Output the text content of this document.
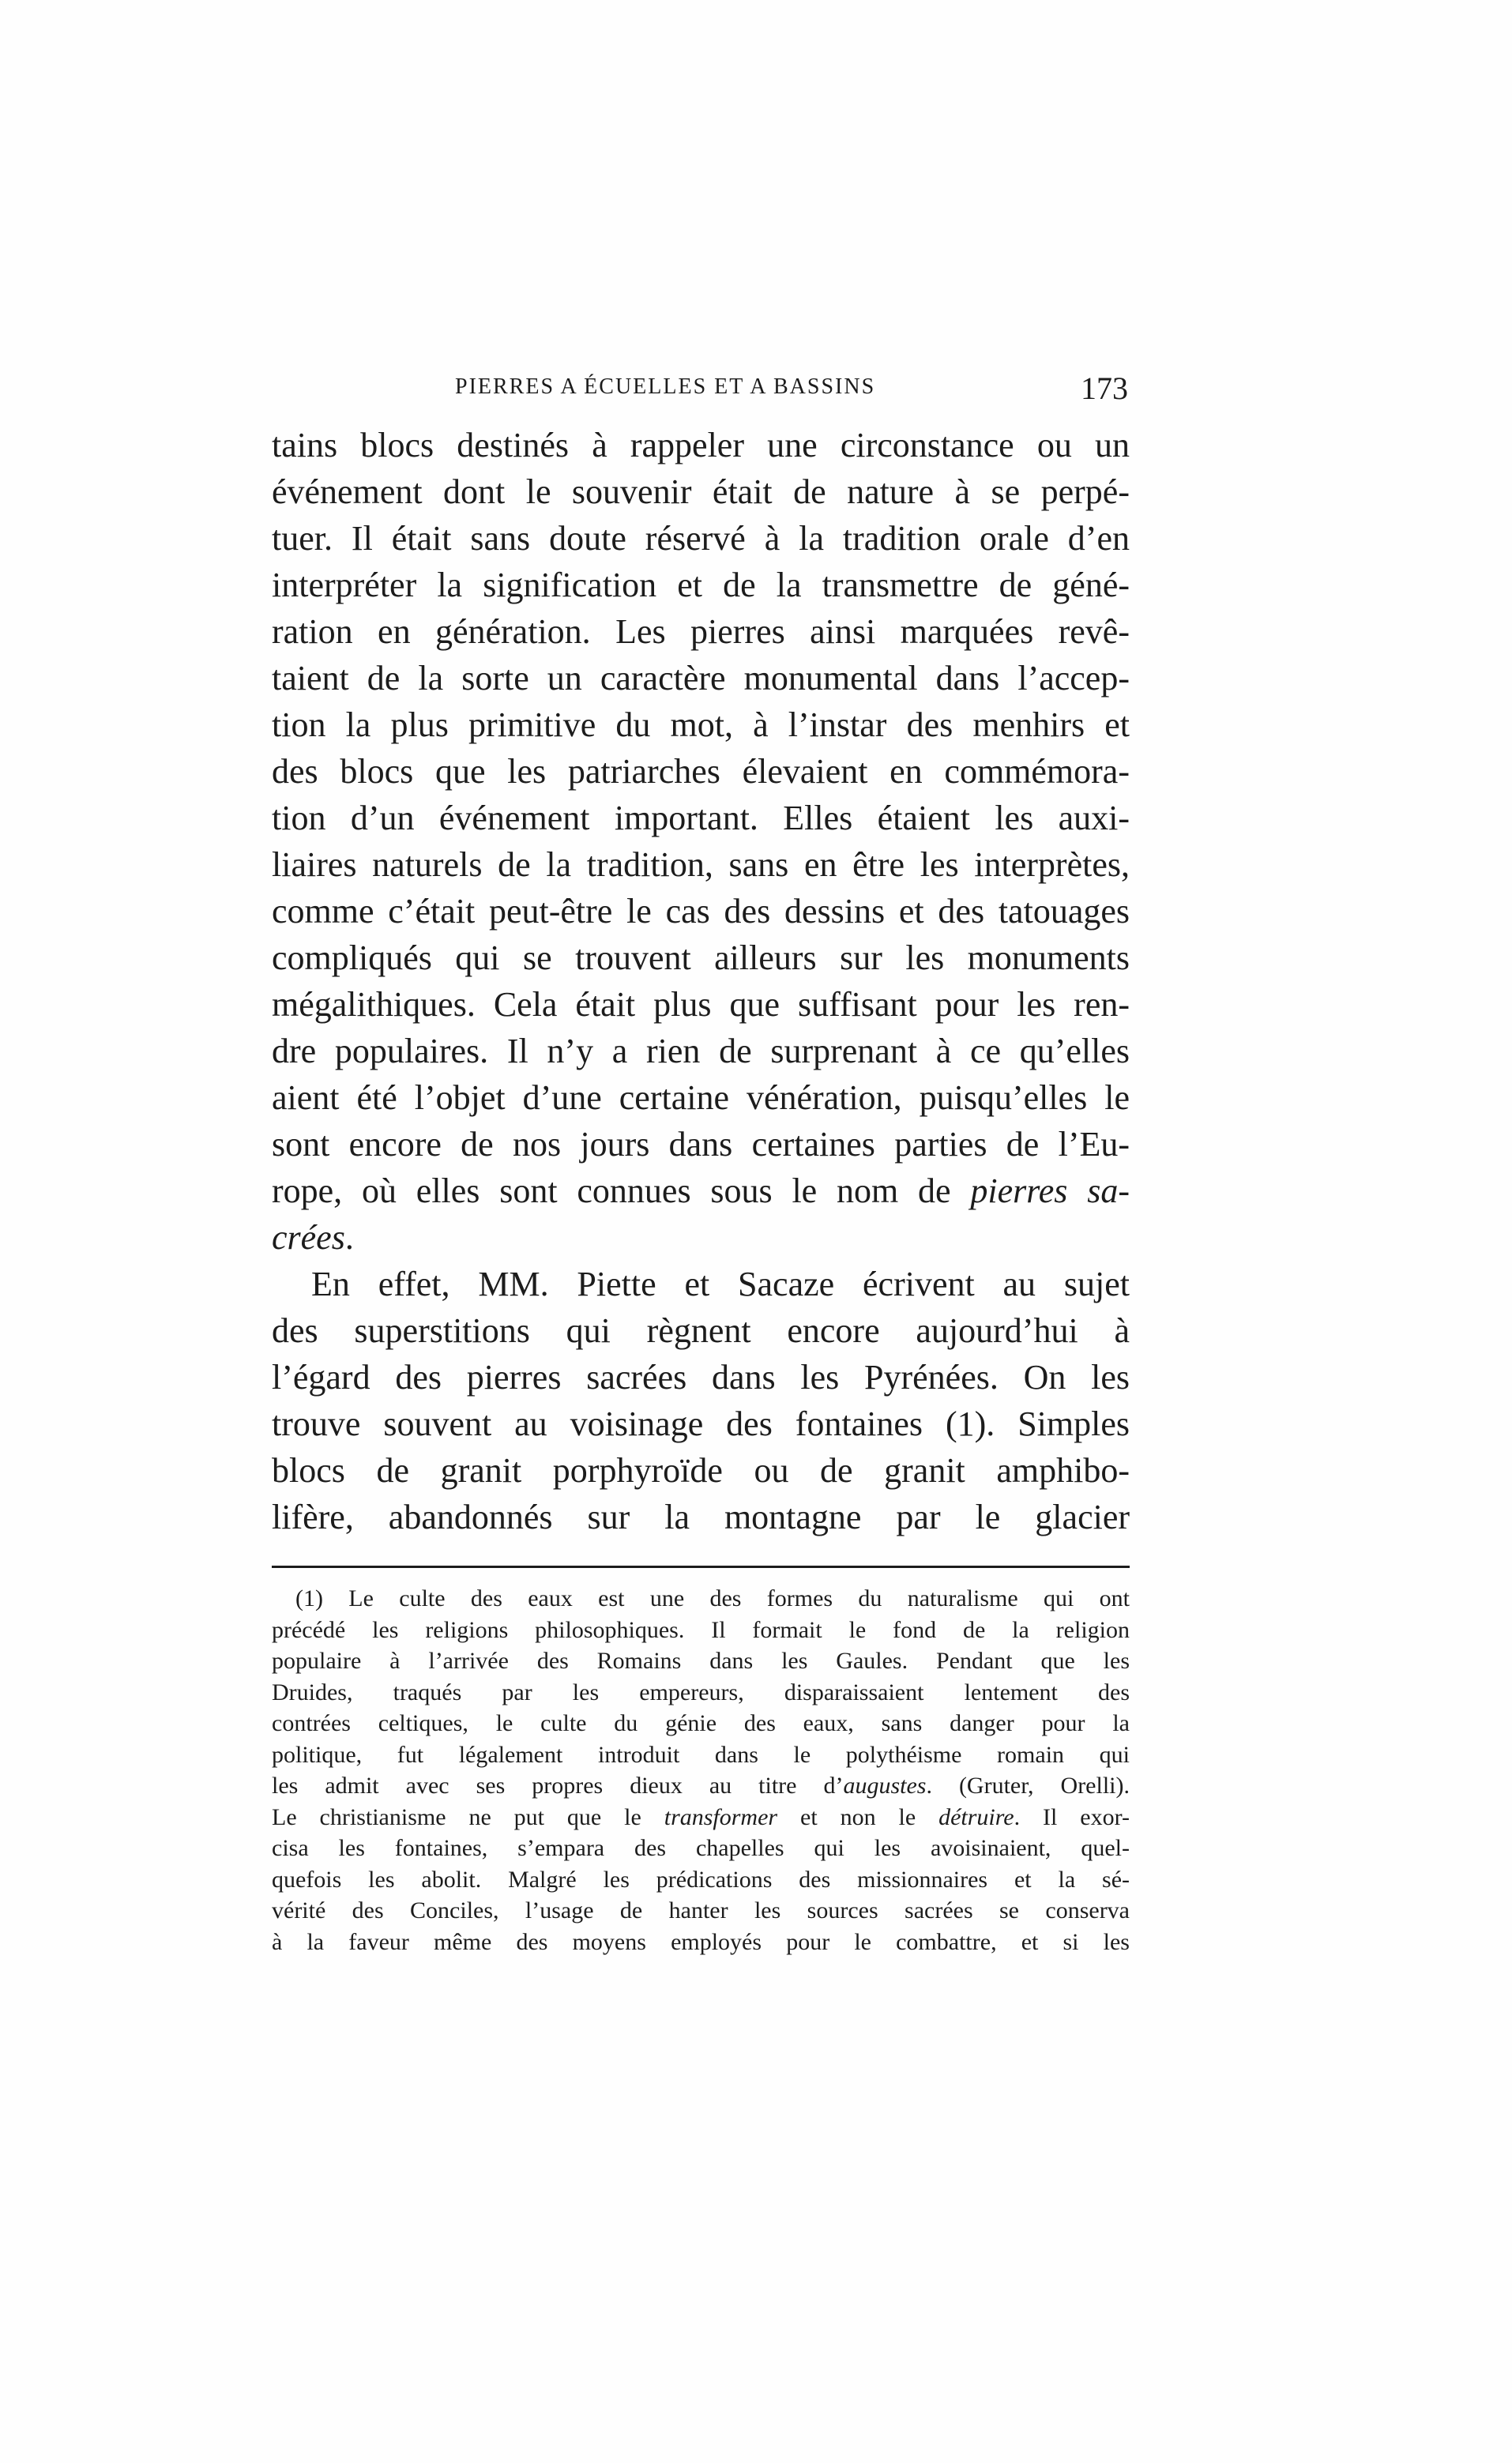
PIERRES A ÉCUELLES ET A BASSINS	173
tains blocs destinés à rappeler une circonstance ou un
événement dont le souvenir était de nature à se perpé-
tuer. Il était sans doute réservé à la tradition orale d’en
interpréter la signification et de la transmettre de géné-
ration en génération. Les pierres ainsi marquées revê-
taient de la sorte un caractère monumental dans l’accep-
tion la plus primitive du mot, à l’instar des menhirs et
des blocs que les patriarches élevaient en commémora-
tion d’un événement important. Elles étaient les auxi-
liaires naturels de la tradition, sans en être les interprètes,
comme c’était peut-être le cas des dessins et des tatouages
compliqués qui se trouvent ailleurs sur les monuments
mégalithiques. Cela était plus que suffisant pour les ren-
dre populaires. Il n’y a rien de surprenant à ce qu’elles
aient été l’objet d’une certaine vénération, puisqu’elles le
sont encore de nos jours dans certaines parties de l’Eu-
rope, où elles sont connues sous le nom de pierres sa-
crées.
En effet, MM. Piette et Sacaze écrivent au sujet
des superstitions qui règnent encore aujourd’hui à
l’égard des pierres sacrées dans les Pyrénées. On les
trouve souvent au voisinage des fontaines (1). Simples
blocs de granit porphyroïde ou de granit amphibo-
lifère, abandonnés sur la montagne par le glacier
(1) Le culte des eaux est une des formes du naturalisme qui ont
précédé les religions philosophiques. Il formait le fond de la religion
populaire à l’arrivée des Romains dans les Gaules. Pendant que les
Druides, traqués par les empereurs, disparaissaient lentement des
contrées celtiques, le culte du génie des eaux, sans danger pour la
politique, fut légalement introduit dans le polythéisme romain qui
les admit avec ses propres dieux au titre d’augustes. (Gruter, Orelli).
Le christianisme ne put que le transformer et non le détruire. Il exor-
cisa les fontaines, s’empara des chapelles qui les avoisinaient, quel-
quefois les abolit. Malgré les prédications des missionnaires et la sé-
vérité des Conciles, l’usage de hanter les sources sacrées se conserva
à la faveur même des moyens employés pour le combattre, et si les
